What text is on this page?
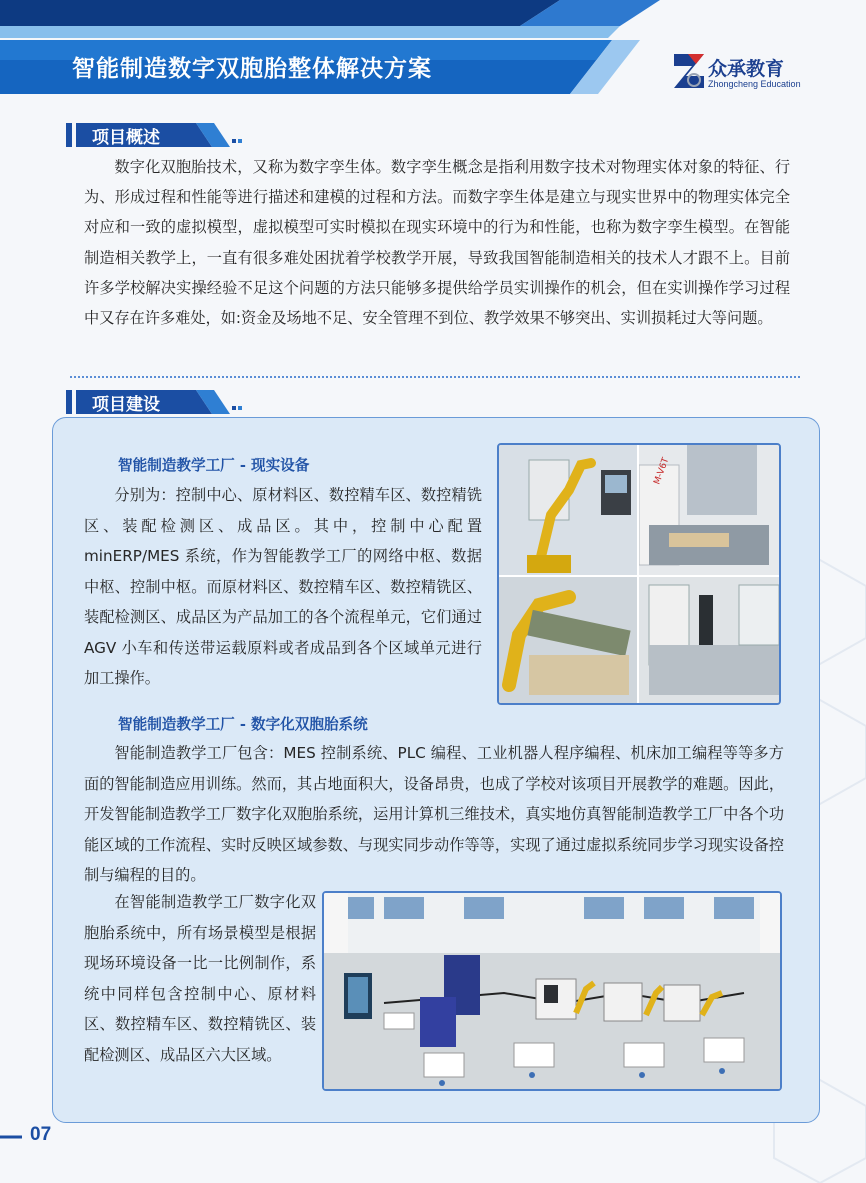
智能制造数字双胞胎整体解决方案	众承教育
Zhongcheng Education
项目概述
数字化双胞胎技术，又称为数字孪生体。数字孪生概念是指利用数字技术对物理实体对象的特征、行为、形成过程和性能等进行描述和建模的过程和方法。而数字孪生体是建立与现实世界中的物理实体完全对应和一致的虚拟模型，虚拟模型可实时模拟在现实环境中的行为和性能，也称为数字孪生模型。在智能制造相关教学上，一直有很多难处困扰着学校教学开展，导致我国智能制造相关的技术人才跟不上。目前许多学校解决实操经验不足这个问题的方法只能够多提供给学员实训操作的机会，但在实训操作学习过程中又存在许多难处，如:资金及场地不足、安全管理不到位、教学效果不够突出、实训损耗过大等问题。
项目建设
智能制造教学工厂 - 现实设备
分别为：控制中心、原材料区、数控精车区、数控精铣区、装配检测区、成品区。其中，控制中心配置 minERP/MES 系统，作为智能教学工厂的网络中枢、数据中枢、控制中枢。而原材料区、数控精车区、数控精铣区、装配检测区、成品区为产品加工的各个流程单元，它们通过 AGV 小车和传送带运载原料或者成品到各个区域单元进行加工操作。
M-V6T
智能制造教学工厂 - 数字化双胞胎系统
智能制造教学工厂包含：MES 控制系统、PLC 编程、工业机器人程序编程、机床加工编程等等多方面的智能制造应用训练。然而，其占地面积大，设备昂贵，也成了学校对该项目开展教学的难题。因此，开发智能制造教学工厂数字化双胞胎系统，运用计算机三维技术，真实地仿真智能制造教学工厂中各个功能区域的工作流程、实时反映区域参数、与现实同步动作等等，实现了通过虚拟系统同步学习现实设备控制与编程的目的。
在智能制造教学工厂数字化双胞胎系统中，所有场景模型是根据现场环境设备一比一比例制作，系统中同样包含控制中心、原材料区、数控精车区、数控精铣区、装配检测区、成品区六大区域。
07
